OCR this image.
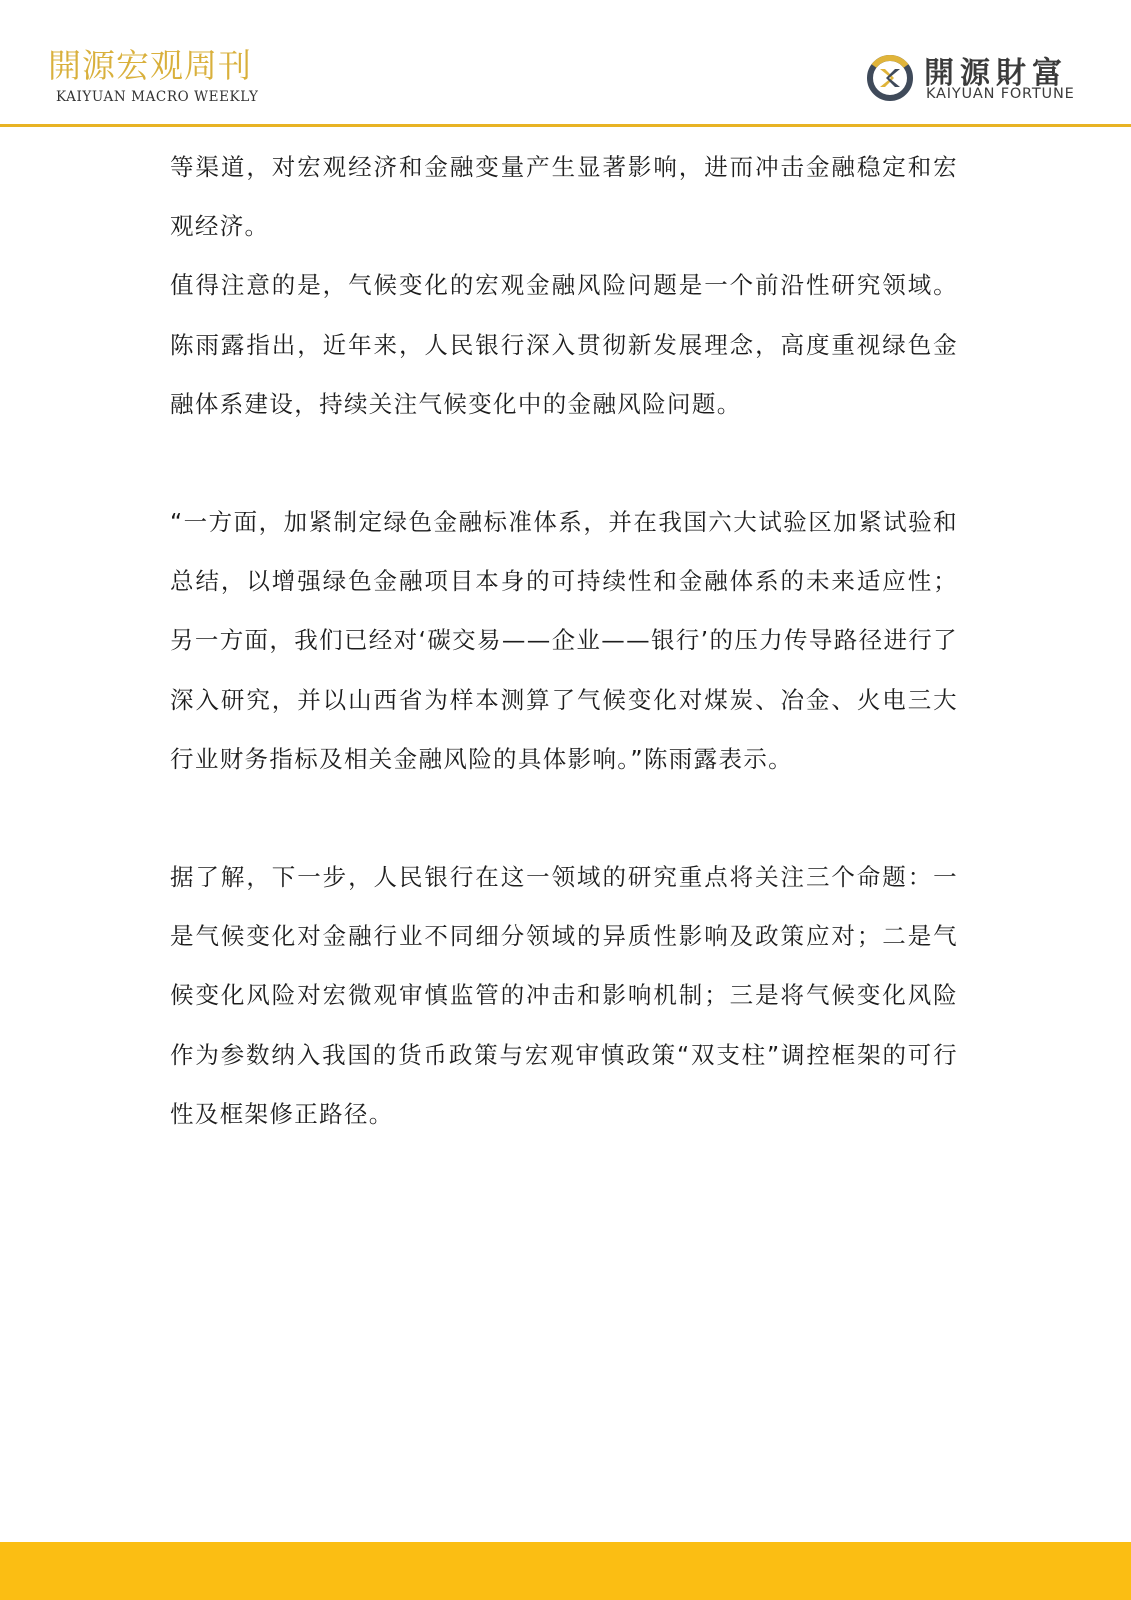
開源宏观周刊
KAIYUAN MACRO WEEKLY
開源財富
KAIYUAN FORTUNE

等渠道，对宏观经济和金融变量产生显著影响，进而冲击金融稳定和宏观经济。

值得注意的是，气候变化的宏观金融风险问题是一个前沿性研究领域。陈雨露指出，近年来，人民银行深入贯彻新发展理念，高度重视绿色金融体系建设，持续关注气候变化中的金融风险问题。

“一方面，加紧制定绿色金融标准体系，并在我国六大试验区加紧试验和总结，以增强绿色金融项目本身的可持续性和金融体系的未来适应性；另一方面，我们已经对‘碳交易——企业——银行’的压力传导路径进行了深入研究，并以山西省为样本测算了气候变化对煤炭、冶金、火电三大行业财务指标及相关金融风险的具体影响。”陈雨露表示。

据了解，下一步，人民银行在这一领域的研究重点将关注三个命题：一是气候变化对金融行业不同细分领域的异质性影响及政策应对；二是气候变化风险对宏微观审慎监管的冲击和影响机制；三是将气候变化风险作为参数纳入我国的货币政策与宏观审慎政策“双支柱”调控框架的可行性及框架修正路径。
